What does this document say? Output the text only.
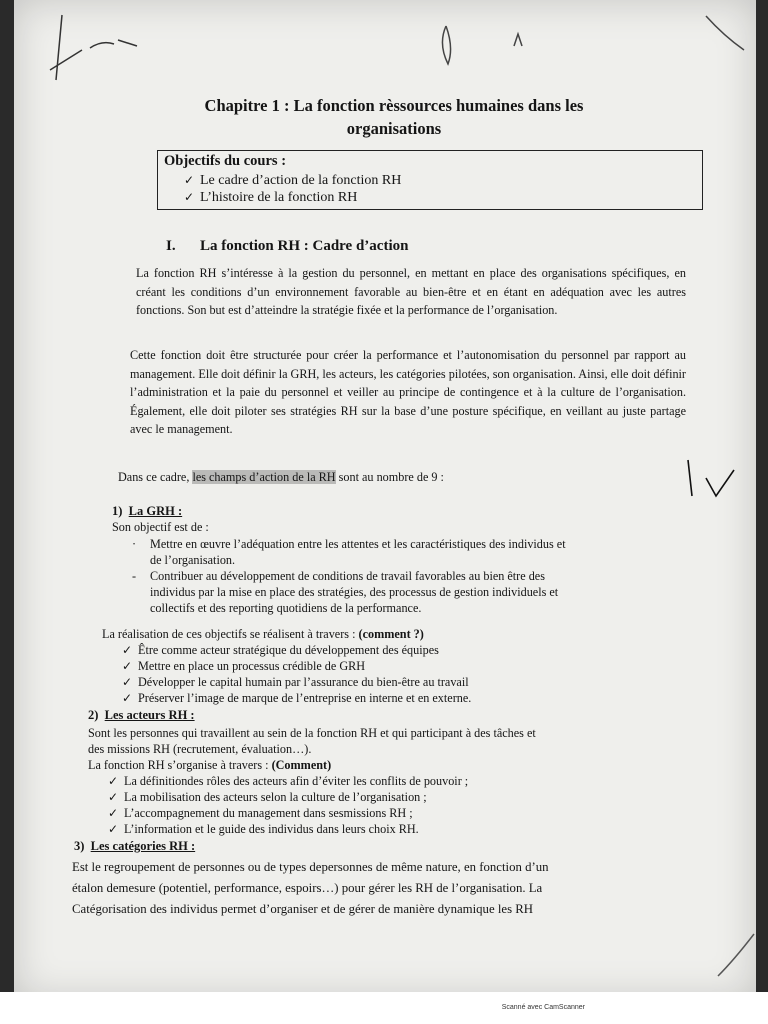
Chapitre 1 : La fonction rèssources humaines dans les
organisations
Objectifs du cours :
✓ Le cadre d’action de la fonction RH
✓ L’histoire de la fonction RH
I. La fonction RH : Cadre d’action
La fonction RH s’intéresse à la gestion du personnel, en mettant en place des organisations spécifiques, en créant les conditions d’un environnement favorable au bien-être et en étant en adéquation avec les autres fonctions. Son but est d’atteindre la stratégie fixée et la performance de l’organisation.
Cette fonction doit être structurée pour créer la performance et l’autonomisation du personnel par rapport au management. Elle doit définir la GRH, les acteurs, les catégories pilotées, son organisation. Ainsi, elle doit définir l’administration et la paie du personnel et veiller au principe de contingence et à la culture de l’organisation. Également, elle doit piloter ses stratégies RH sur la base d’une posture spécifique, en veillant au juste partage avec le management.
Dans ce cadre, les champs d’action de la RH sont au nombre de 9 :
1) La GRH :
Son objectif est de :
· Mettre en œuvre l’adéquation entre les attentes et les caractéristiques des individus et
de l’organisation.
- Contribuer au développement de conditions de travail favorables au bien être des
individus par la mise en place des stratégies, des processus de gestion individuels et
collectifs et des reporting quotidiens de la performance.
La réalisation de ces objectifs se réalisent à travers : (comment ?)
✓ Être comme acteur stratégique du développement des équipes
✓ Mettre en place un processus crédible de GRH
✓ Développer le capital humain par l’assurance du bien-être au travail
✓ Préserver l’image de marque de l’entreprise en interne et en externe.
2) Les acteurs RH :
Sont les personnes qui travaillent au sein de la fonction RH et qui participant à des tâches et
des missions RH (recrutement, évaluation…).
La fonction RH s’organise à travers : (Comment)
✓ La définitiondes rôles des acteurs afin d’éviter les conflits de pouvoir ;
✓ La mobilisation des acteurs selon la culture de l’organisation ;
✓ L’accompagnement du management dans sesmissions RH ;
✓ L’information et le guide des individus dans leurs choix RH.
3) Les catégories RH :
Est le regroupement de personnes ou de types depersonnes de même nature, en fonction d’un
étalon demesure (potentiel, performance, espoirs…) pour gérer les RH de l’organisation. La
Catégorisation des individus permet d’organiser et de gérer de manière dynamique les RH
Scanné avec CamScanner
